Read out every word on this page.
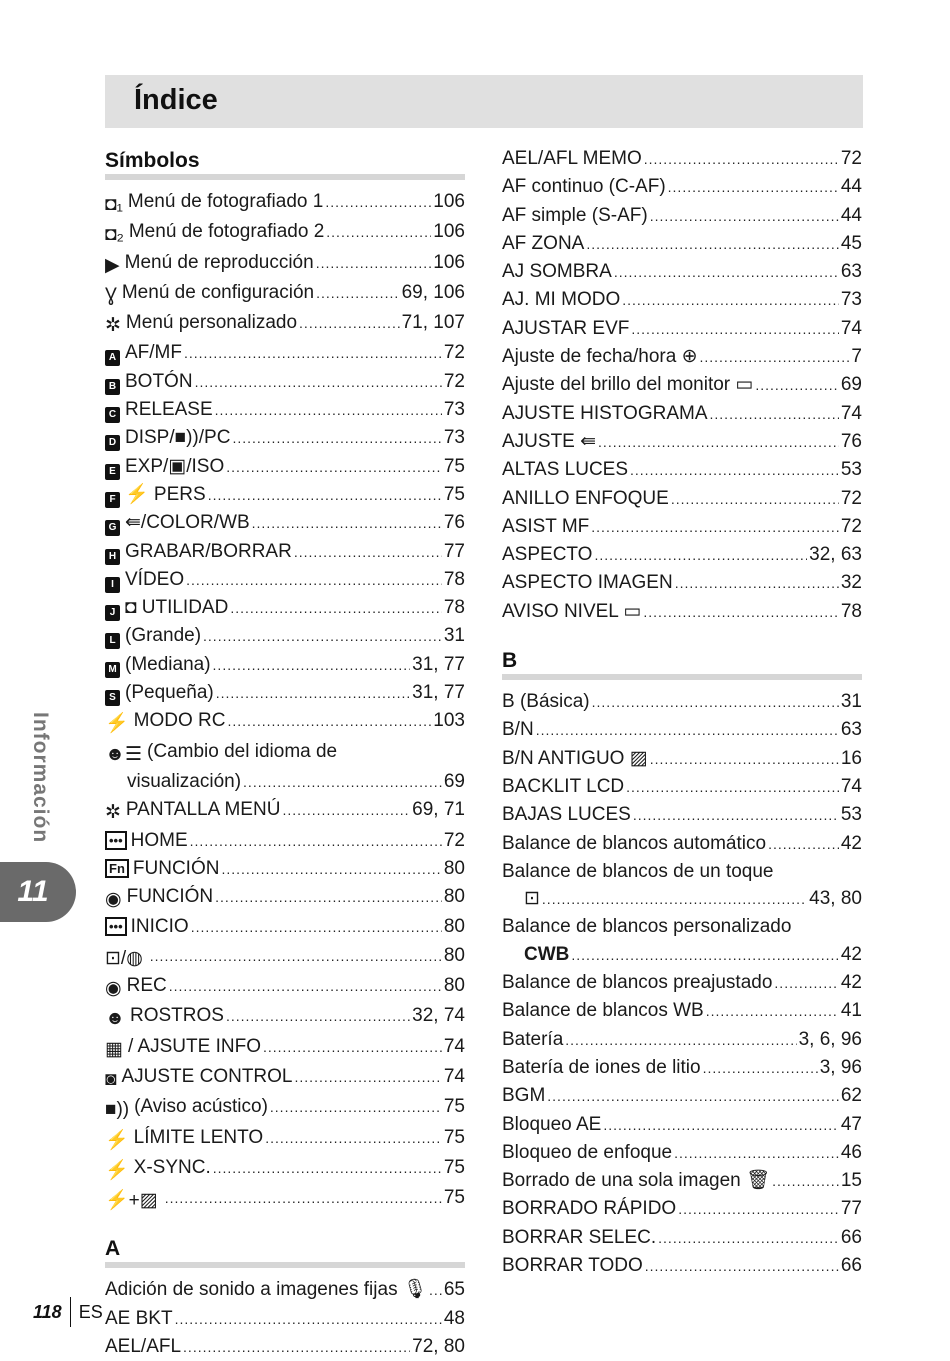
Índice
Símbolos
◘₁ Menú de fotografiado 1 .....	106
◘₂ Menú de fotografiado 2 .....	106
▶ Menú de reproducción .....	106
Ɣ Menú de configuración .....	69, 106
✲ Menú personalizado .....	71, 107
A AF/MF .....	72
B BOTÓN .....	72
C RELEASE .....	73
D DISP/■))/PC .....	73
E EXP/▣/ISO .....	75
F ⚡ PERS .....	75
G ⇚/COLOR/WB .....	76
H GRABAR/BORRAR .....	77
I VÍDEO .....	78
J ◘ UTILIDAD .....	78
L (Grande) .....	31
M (Mediana) .....	31, 77
S (Pequeña) .....	31, 77
⚡ MODO RC .....	103
☻☰ (Cambio del idioma de
visualización) .....	69
✲ PANTALLA MENÚ .....	69, 71
••• HOME .....	72
Fn FUNCIÓN .....	80
◉ FUNCIÓN .....	80
••• INICIO .....	80
⊡/◍ .....	80
◉ REC .....	80
☻ ROSTROS .....	32, 74
▦ / AJSUTE INFO .....	74
◙ AJUSTE CONTROL .....	74
■)) (Aviso acústico) .....	75
⚡ LÍMITE LENTO .....	75
⚡ X-SYNC. .....	75
⚡+▨ .....	75
A
Adición de sonido a imagenes fijas 🎙 ..... 65
AE BKT .....	48
AEL/AFL .....	72, 80
AEL/AFL MEMO .....	72
AF continuo (C-AF) .....	44
AF simple (S-AF) .....	44
AF ZONA .....	45
AJ SOMBRA .....	63
AJ. MI MODO .....	73
AJUSTAR EVF .....	74
Ajuste de fecha/hora ⊕ .....	7
Ajuste del brillo del monitor ▭ .....	69
AJUSTE HISTOGRAMA .....	74
AJUSTE ⇚ .....	76
ALTAS LUCES .....	53
ANILLO ENFOQUE .....	72
ASIST MF .....	72
ASPECTO .....	32, 63
ASPECTO IMAGEN .....	32
AVISO NIVEL ▭ .....	78
B
B (Básica) .....	31
B/N .....	63
B/N ANTIGUO ▨ .....	16
BACKLIT LCD .....	74
BAJAS LUCES .....	53
Balance de blancos automático .....	42
Balance de blancos de un toque
⊡ .....	43, 80
Balance de blancos personalizado
CWB .....	42
Balance de blancos preajustado .....	42
Balance de blancos WB .....	41
Batería .....	3, 6, 96
Batería de iones de litio .....	3, 96
BGM .....	62
Bloqueo AE .....	47
Bloqueo de enfoque .....	46
Borrado de una sola imagen 🗑 .....	15
BORRADO RÁPIDO .....	77
BORRAR SELEC. .....	66
BORRAR TODO .....	66
Información
11
118 ES
